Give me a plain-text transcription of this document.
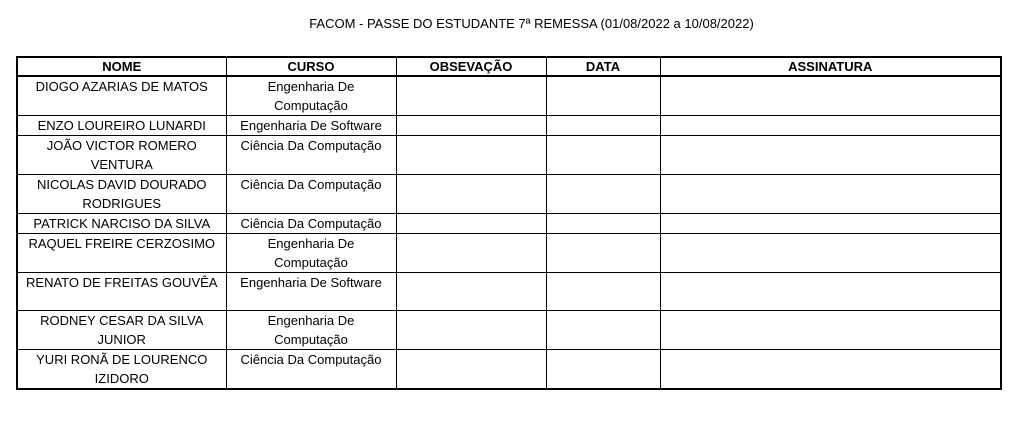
FACOM - PASSE DO ESTUDANTE 7ª REMESSA (01/08/2022 a 10/08/2022)
NOME	CURSO	OBSEVAÇÃO	DATA	ASSINATURA
DIOGO AZARIAS DE MATOS	Engenharia De Computação			
ENZO LOUREIRO LUNARDI	Engenharia De Software			
JOÃO VICTOR ROMERO VENTURA	Ciência Da Computação			
NICOLAS DAVID DOURADO RODRIGUES	Ciência Da Computação			
PATRICK NARCISO DA SILVA	Ciência Da Computação			
RAQUEL FREIRE CERZOSIMO	Engenharia De Computação			
RENATO DE FREITAS GOUVÊA	Engenharia De Software			
RODNEY CESAR DA SILVA JUNIOR	Engenharia De Computação			
YURI RONÃ DE LOURENCO IZIDORO	Ciência Da Computação			
